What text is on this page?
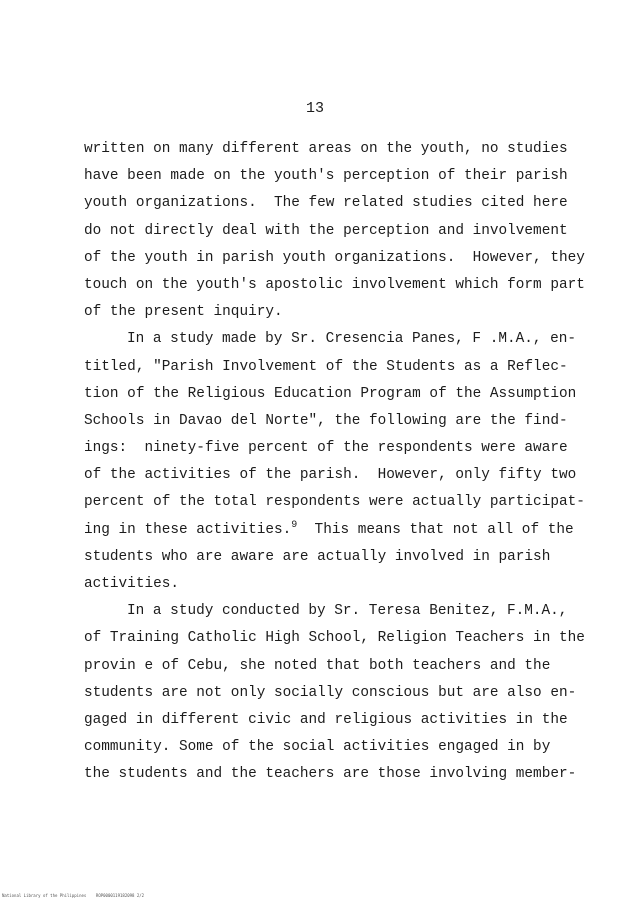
13
written on many different areas on the youth, no studies
have been made on the youth's perception of their parish
youth organizations.  The few related studies cited here
do not directly deal with the perception and involvement
of the youth in parish youth organizations.  However, they
touch on the youth's apostolic involvement which form part
of the present inquiry.
In a study made by Sr. Cresencia Panes, F .M.A., en-
titled, "Parish Involvement of the Students as a Reflec-
tion of the Religious Education Program of the Assumption
Schools in Davao del Norte", the following are the find-
ings:  ninety-five percent of the respondents were aware
of the activities of the parish.  However, only fifty two
percent of the total respondents were actually participat-
ing in these activities.$^9$  This means that not all of the
students who are aware are actually involved in parish
activities.
In a study conducted by Sr. Teresa Benitez, F.M.A.,
of Training Catholic High School, Religion Teachers in the
provin e of Cebu, she noted that both teachers and the
students are not only socially conscious but are also en-
gaged in different civic and religious activities in the
community. Some of the social activities engaged in by
the students and the teachers are those involving member-
National Library of the Philippines    ROP0000119182098 2/2
